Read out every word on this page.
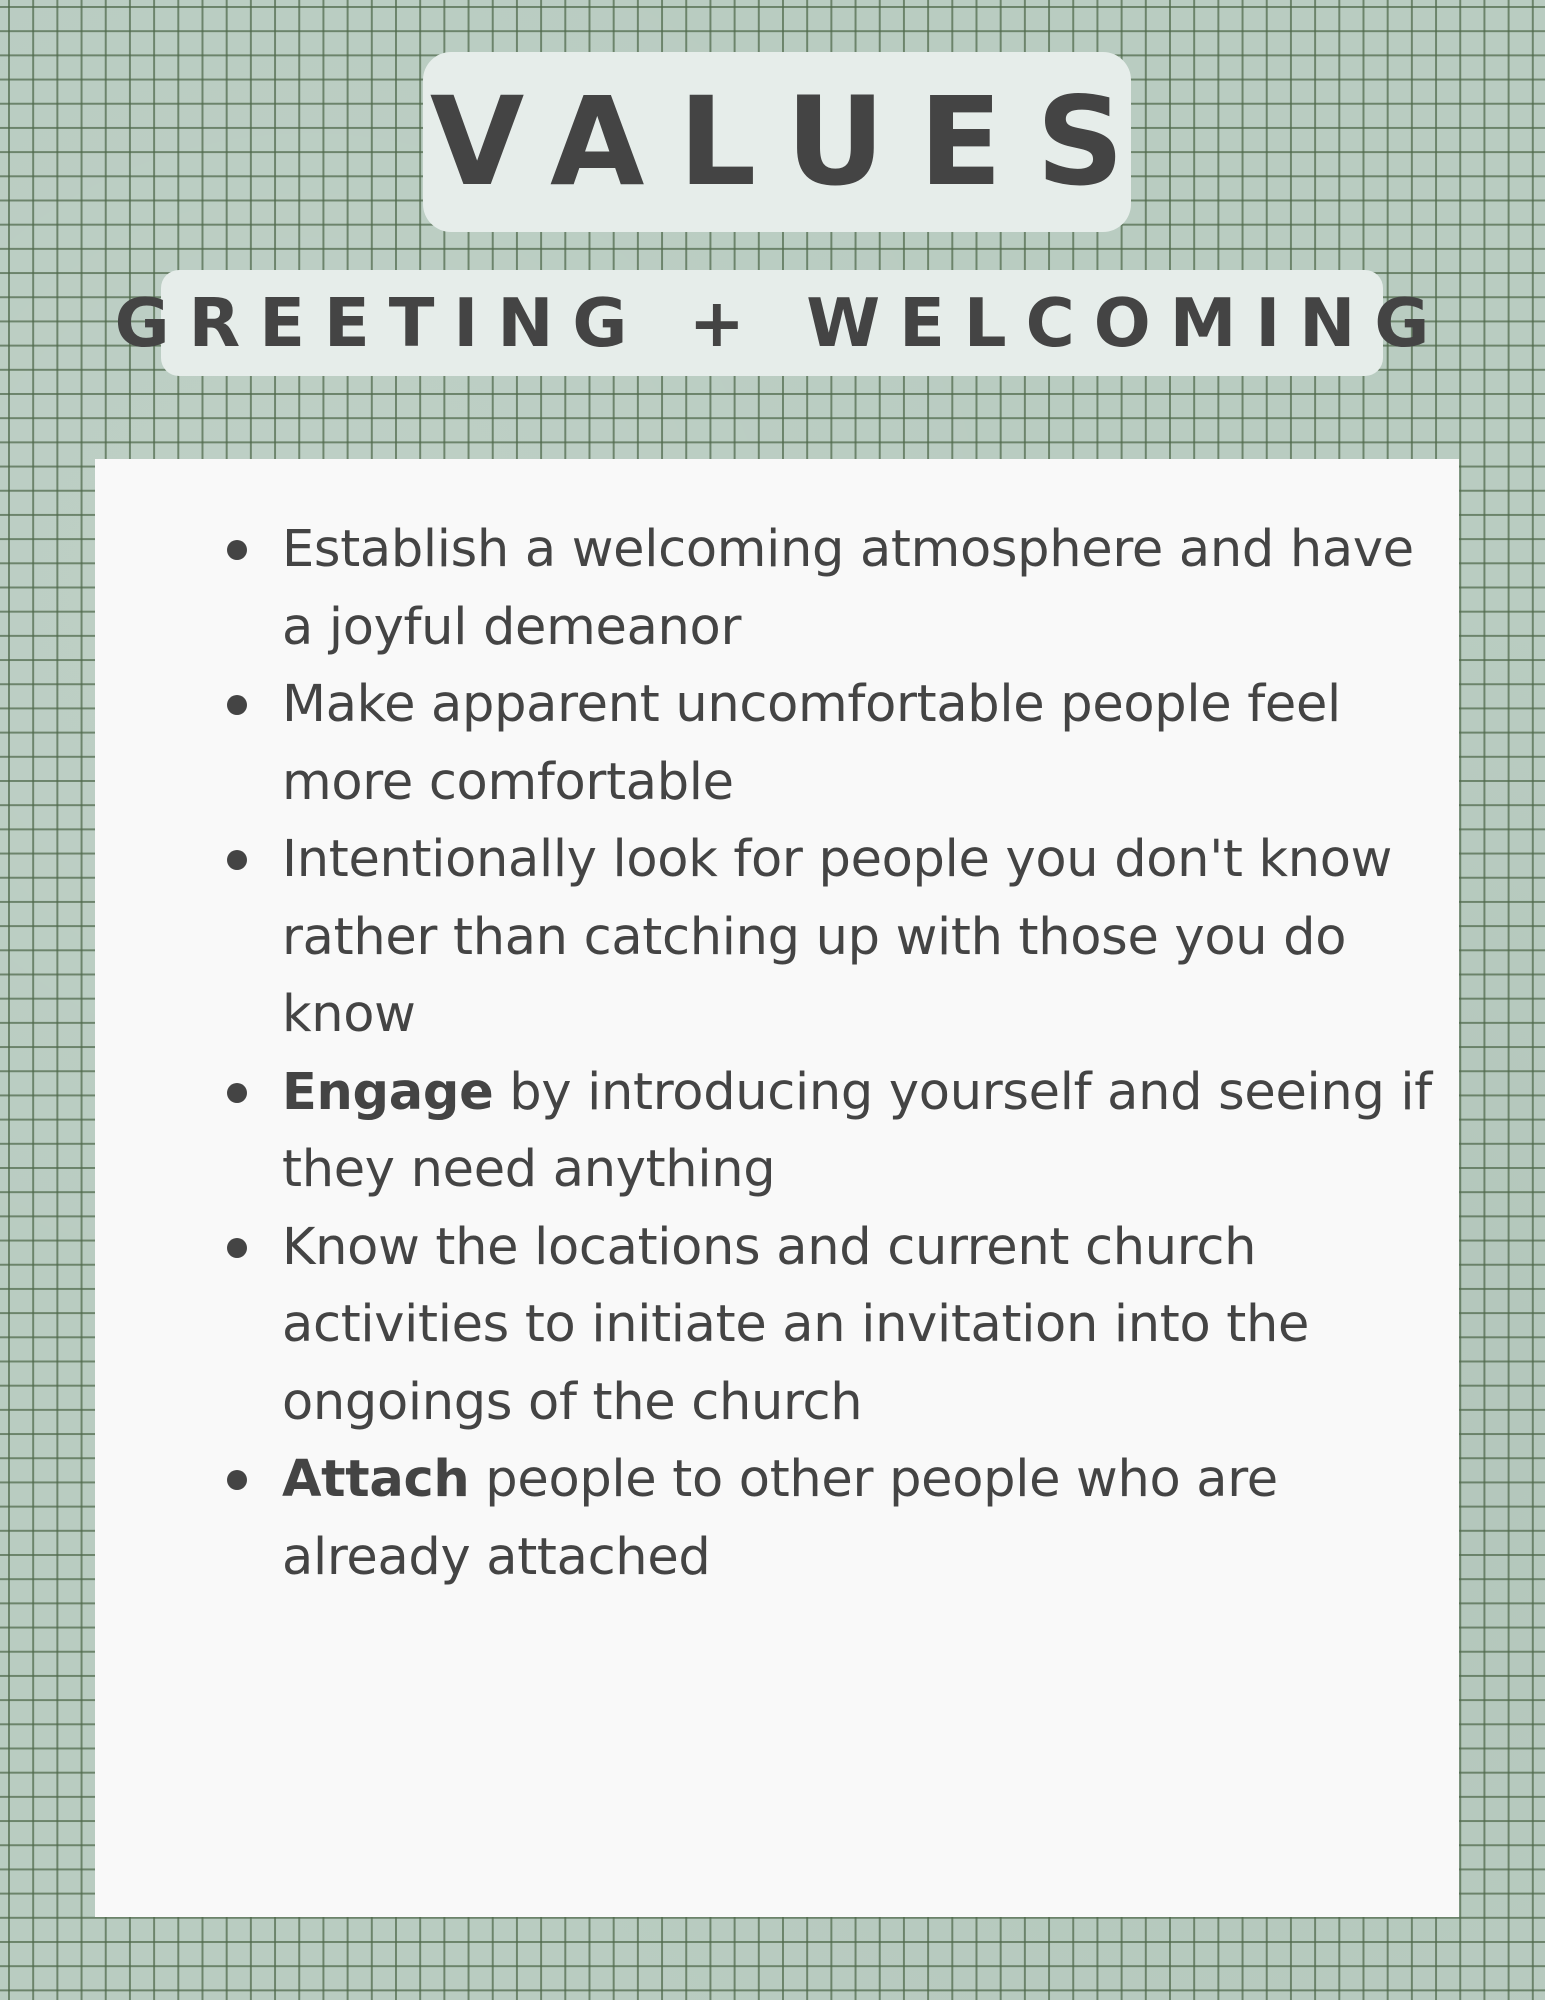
VALUES
GREETING + WELCOMING
Establish a welcoming atmosphere and have a joyful demeanor
Make apparent uncomfortable people feel more comfortable
Intentionally look for people you don't know rather than catching up with those you do know
Engage by introducing yourself and seeing if they need anything
Know the locations and current church activities to initiate an invitation into the ongoings of the church
Attach people to other people who are already attached
